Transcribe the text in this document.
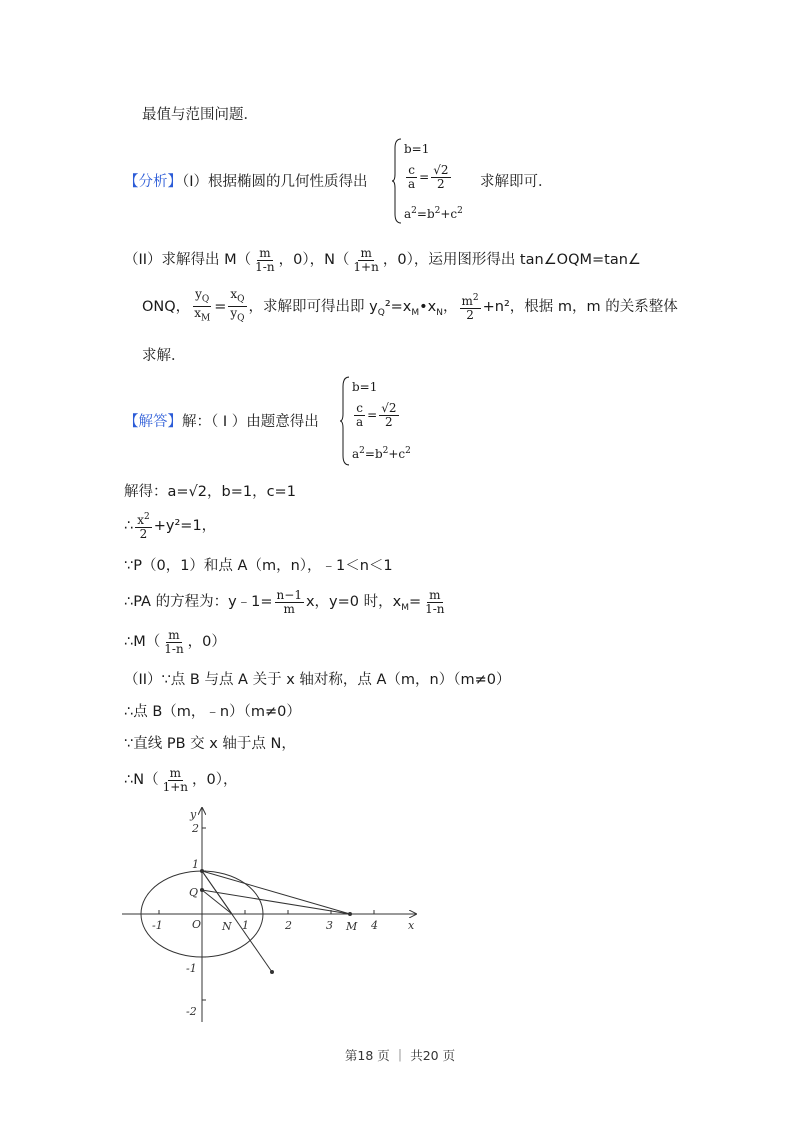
最值与范围问题．
【分析】（I）根据椭圆的几何性质得出
b=1
$\frac{c}{a} = \frac{√2}{2}$
$a^2=b^2+c^2$
求解即可．
（II）求解得出 $M( \frac{m}{1-n}$ ，0），$N( \frac{m}{1+n}$ ，0），运用图形得出 tan∠OQM=tan∠
ONQ， $\frac{y_Q}{x_M} = \frac{x_Q}{y_Q}$ ，求解即可得出即 $y_Q^2=x_M•x_N$， $\frac{m^2}{2} +n^2$，根据 m，m 的关系整体
求解．
【解答】解：（ I ）由题意得出
b=1
$\frac{c}{a} = \frac{√2}{2}$
$a^2=b^2+c^2$
解得：a=√2，b=1，c=1
∴ $\frac{x^2}{2} +y^2=1$，
∵P（0，1）和点 A（m，n），﹣1＜n＜1
∴PA 的方程为：y﹣1= $\frac{n-1}{m}$ x，y=0 时，$x_M= \frac{m}{1-n}$
∴M（ $\frac{m}{1-n}$ ，0）
（II）∵点 B 与点 A 关于 x 轴对称，点 A（m，n）（m≠0）
∴点 B（m，﹣n）（m≠0）
∵直线 PB 交 x 轴于点 N，
∴N（ $\frac{m}{1+n}$ ，0），
x
y
-1	1	2	3	4
2
1
-1
-2
O
Q
N	M
第18 页 ｜ 共20 页
